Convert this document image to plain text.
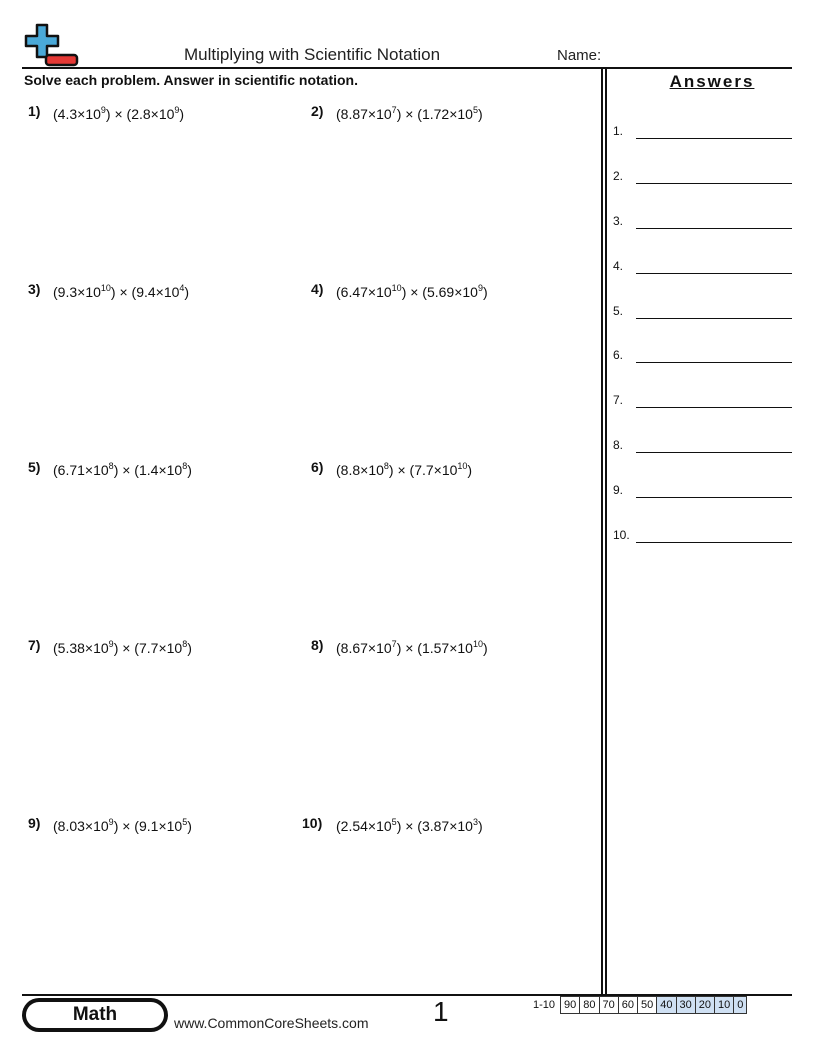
Multiplying with Scientific Notation	Name:
Solve each problem. Answer in scientific notation.
1) $(4.3\times 10^9) \times (2.8\times 10^9)$	2) $(8.87\times 10^7) \times (1.72\times 10^5)$
3) $(9.3\times 10^{10}) \times (9.4\times 10^4)$	4) $(6.47\times 10^{10}) \times (5.69\times 10^9)$
5) $(6.71\times 10^8) \times (1.4\times 10^8)$	6) $(8.8\times 10^8) \times (7.7\times 10^{10})$
7) $(5.38\times 10^9) \times (7.7\times 10^8)$	8) $(8.67\times 10^7) \times (1.57\times 10^{10})$
9) $(8.03\times 10^9) \times (9.1\times 10^5)$	10) $(2.54\times 10^5) \times (3.87\times 10^3)$
Answers
1.
2.
3.
4.
5.
6.
7.
8.
9.
10.
Math	www.CommonCoreSheets.com 1	1-10	90	80	70	60	50	40	30	20	10	0
